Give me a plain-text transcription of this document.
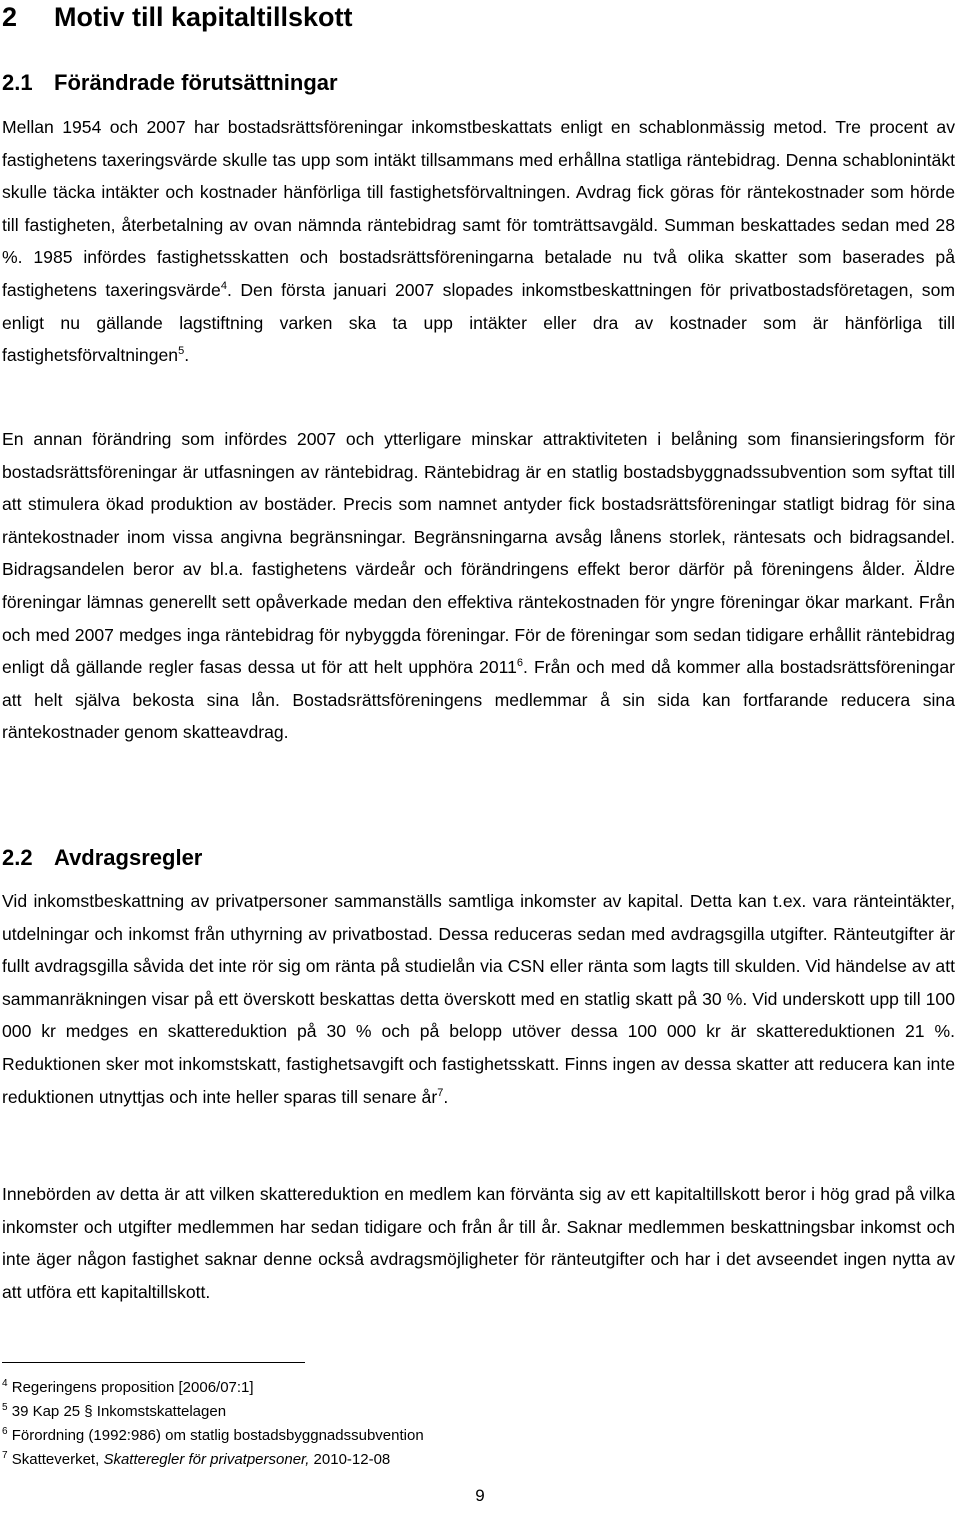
2 Motiv till kapitaltillskott
2.1 Förändrade förutsättningar

Mellan 1954 och 2007 har bostadsrättsföreningar inkomstbeskattats enligt en schablonmässig metod. Tre procent av fastighetens taxeringsvärde skulle tas upp som intäkt tillsammans med erhållna statliga räntebidrag. Denna schablonintäkt skulle täcka intäkter och kostnader hänförliga till fastighetsförvaltningen. Avdrag fick göras för räntekostnader som hörde till fastigheten, återbetalning av ovan nämnda räntebidrag samt för tomträttsavgäld. Summan beskattades sedan med 28 %. 1985 infördes fastighetsskatten och bostadsrättsföreningarna betalade nu två olika skatter som baserades på fastighetens taxeringsvärde$^4$. Den första januari 2007 slopades inkomstbeskattningen för privatbostadsföretagen, som enligt nu gällande lagstiftning varken ska ta upp intäkter eller dra av kostnader som är hänförliga till fastighetsförvaltningen$^5$.

En annan förändring som infördes 2007 och ytterligare minskar attraktiviteten i belåning som finansieringsform för bostadsrättsföreningar är utfasningen av räntebidrag. Räntebidrag är en statlig bostadsbyggnadssubvention som syftat till att stimulera ökad produktion av bostäder. Precis som namnet antyder fick bostadsrättsföreningar statligt bidrag för sina räntekostnader inom vissa angivna begränsningar. Begränsningarna avsåg lånens storlek, räntesats och bidragsandel. Bidragsandelen beror av bl.a. fastighetens värdeår och förändringens effekt beror därför på föreningens ålder. Äldre föreningar lämnas generellt sett opåverkade medan den effektiva räntekostnaden för yngre föreningar ökar markant. Från och med 2007 medges inga räntebidrag för nybyggda föreningar. För de föreningar som sedan tidigare erhållit räntebidrag enligt då gällande regler fasas dessa ut för att helt upphöra 2011$^6$. Från och med då kommer alla bostadsrättsföreningar att helt själva bekosta sina lån. Bostadsrättsföreningens medlemmar å sin sida kan fortfarande reducera sina räntekostnader genom skatteavdrag.

2.2 Avdragsregler

Vid inkomstbeskattning av privatpersoner sammanställs samtliga inkomster av kapital. Detta kan t.ex. vara ränteintäkter, utdelningar och inkomst från uthyrning av privatbostad. Dessa reduceras sedan med avdragsgilla utgifter. Ränteutgifter är fullt avdragsgilla såvida det inte rör sig om ränta på studielån via CSN eller ränta som lagts till skulden. Vid händelse av att sammanräkningen visar på ett överskott beskattas detta överskott med en statlig skatt på 30 %. Vid underskott upp till 100 000 kr medges en skattereduktion på 30 % och på belopp utöver dessa 100 000 kr är skattereduktionen 21 %. Reduktionen sker mot inkomstskatt, fastighetsavgift och fastighetsskatt. Finns ingen av dessa skatter att reducera kan inte reduktionen utnyttjas och inte heller sparas till senare $år^7$.

Innebörden av detta är att vilken skattereduktion en medlem kan förvänta sig av ett kapitaltillskott beror i hög grad på vilka inkomster och utgifter medlemmen har sedan tidigare och från år till år. Saknar medlemmen beskattningsbar inkomst och inte äger någon fastighet saknar denne också avdragsmöjligheter för ränteutgifter och har i det avseendet ingen nytta av att utföra ett kapitaltillskott.

$^4$ Regeringens proposition [2006/07:1]
$^5$ 39 Kap 25 § Inkomstskattelagen
$^6$ Förordning (1992:986) om statlig bostadsbyggnadssubvention
$^7$ Skatteverket, Skatteregler för privatpersoner, 2010-12-08
9
